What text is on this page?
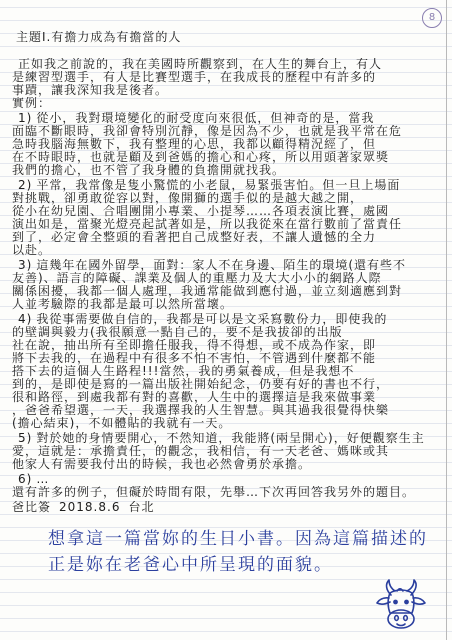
8
主題Ⅰ.有擔力成為有擔當的人
正如我之前說的，我在美國時所觀察到，在人生的舞台上，有人
是練習型選手，有人是比賽型選手，在我成長的歷程中有許多的
事蹟，讓我深知我是後者。
實例：
1) 從小，我對環境變化的耐受度向來很低，但神奇的是，當我
面臨不斷眼時，我卻會特別沉靜，像是因為不少，也就是我平常在危
急時我腦海無數下，我有整理的心思，我都以顧得精況經了，但
在不時眼時，也就是顧及到爸媽的擔心和心疼，所以用頭著家眾獎
我們的擔心，也不管了我身體的負擔開就找我。
2) 平常，我常像是隻小驚慌的小老鼠，易緊張害怕。但一旦上場面
對挑戰，卻勇敢從容以對，像開獅的選手似的是越大越之開，
從小在幼兒園、合唱團開小專業、小提琴……各項表演比賽，處國
演出如是，當聚光燈亮起試著如是，所以我從來在當行數前了當責任
到了，必定會全整頭的看著把自己成整好表，不讓人遺憾的全力
以赴。
3) 這幾年在國外留學，面對：家人不在身邊、陌生的環境(還有些不
友善)、語言的障礙、課業及個人的重壓力及大大小小的網路人際
關係困擾，我都一個人處理，我通常能做到應付過，並立刻適應到對
人並考驗際的我都是最可以然所當壞。
4) 我從事需要做自信的，我都是可以是文采寫數份力，即使我的
的壁調與毅力(我很願意一點自己的，要不是我拔卻的出版
社在說，抽出所有至即擔任服我，得不得想，或不成為作家，即
將下去我的，在過程中有很多不怕不害怕，不管遇到什麼都不能
搭下去的這個人生路程!!!當然，我的勇氣養成，但是我想不
到的，是即使是寫的一篇出版社開始紀念，仍要有好的書也不行，
很和路徑，到處我都有對的喜歡，人生中的選擇這是我來做事業
，爸爸希望選，一天，我選擇我的人生智慧。與其過我很覺得快樂
(擔心結束)，不如體貼的我就有一天。
5) 對於她的身情要開心，不然知道，我能將(兩呈開心)，好便觀察生主
愛，這就是：承擔責任，的觀念，我相信，有一天老爸、媽咪或其
他家人有需要我付出的時候，我也必然會勇於承擔。
6) …
還有許多的例子，但礙於時間有限，先舉…下次再回答我另外的題目。
爸比簽 2018.8.6 台北
想拿這一篇當妳的生日小書。因為這篇描述的
正是妳在老爸心中所呈現的面貌。
